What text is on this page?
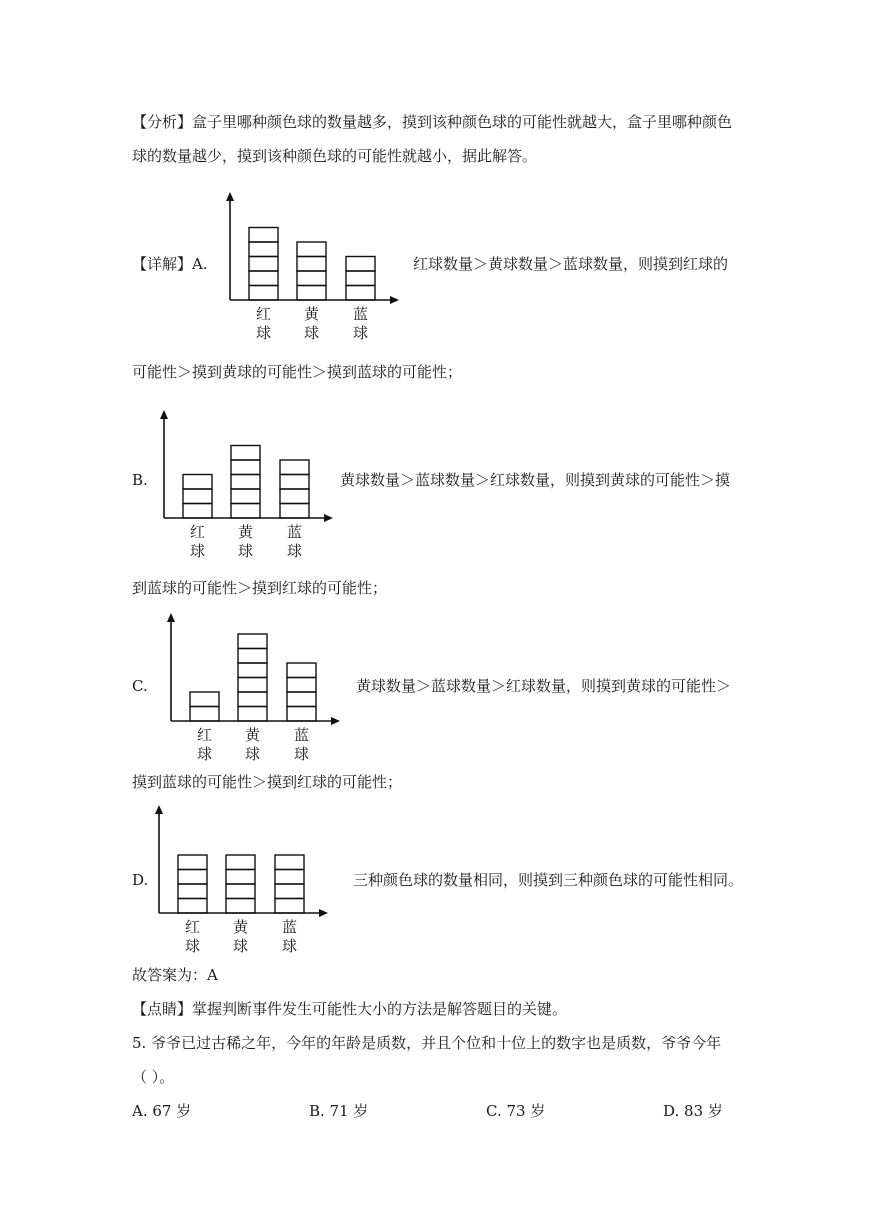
【分析】盒子里哪种颜色球的数量越多，摸到该种颜色球的可能性就越大，盒子里哪种颜色
球的数量越少，摸到该种颜色球的可能性就越小，据此解答。
【详解】A.
红
球
黄
球
蓝
球
红球数量＞黄球数量＞蓝球数量，则摸到红球的
可能性＞摸到黄球的可能性＞摸到蓝球的可能性；
B.
红
球
黄
球
蓝
球
黄球数量＞蓝球数量＞红球数量，则摸到黄球的可能性＞摸
到蓝球的可能性＞摸到红球的可能性；
C.
红
球
黄
球
蓝
球
黄球数量＞蓝球数量＞红球数量，则摸到黄球的可能性＞
摸到蓝球的可能性＞摸到红球的可能性；
D.
红
球
黄
球
蓝
球
三种颜色球的数量相同，则摸到三种颜色球的可能性相同。
故答案为：A
【点睛】掌握判断事件发生可能性大小的方法是解答题目的关键。
5. 爷爷已过古稀之年，今年的年龄是质数，并且个位和十位上的数字也是质数，爷爷今年
（ ）。
A. 67 岁	B. 71 岁	C. 73 岁	D. 83 岁
